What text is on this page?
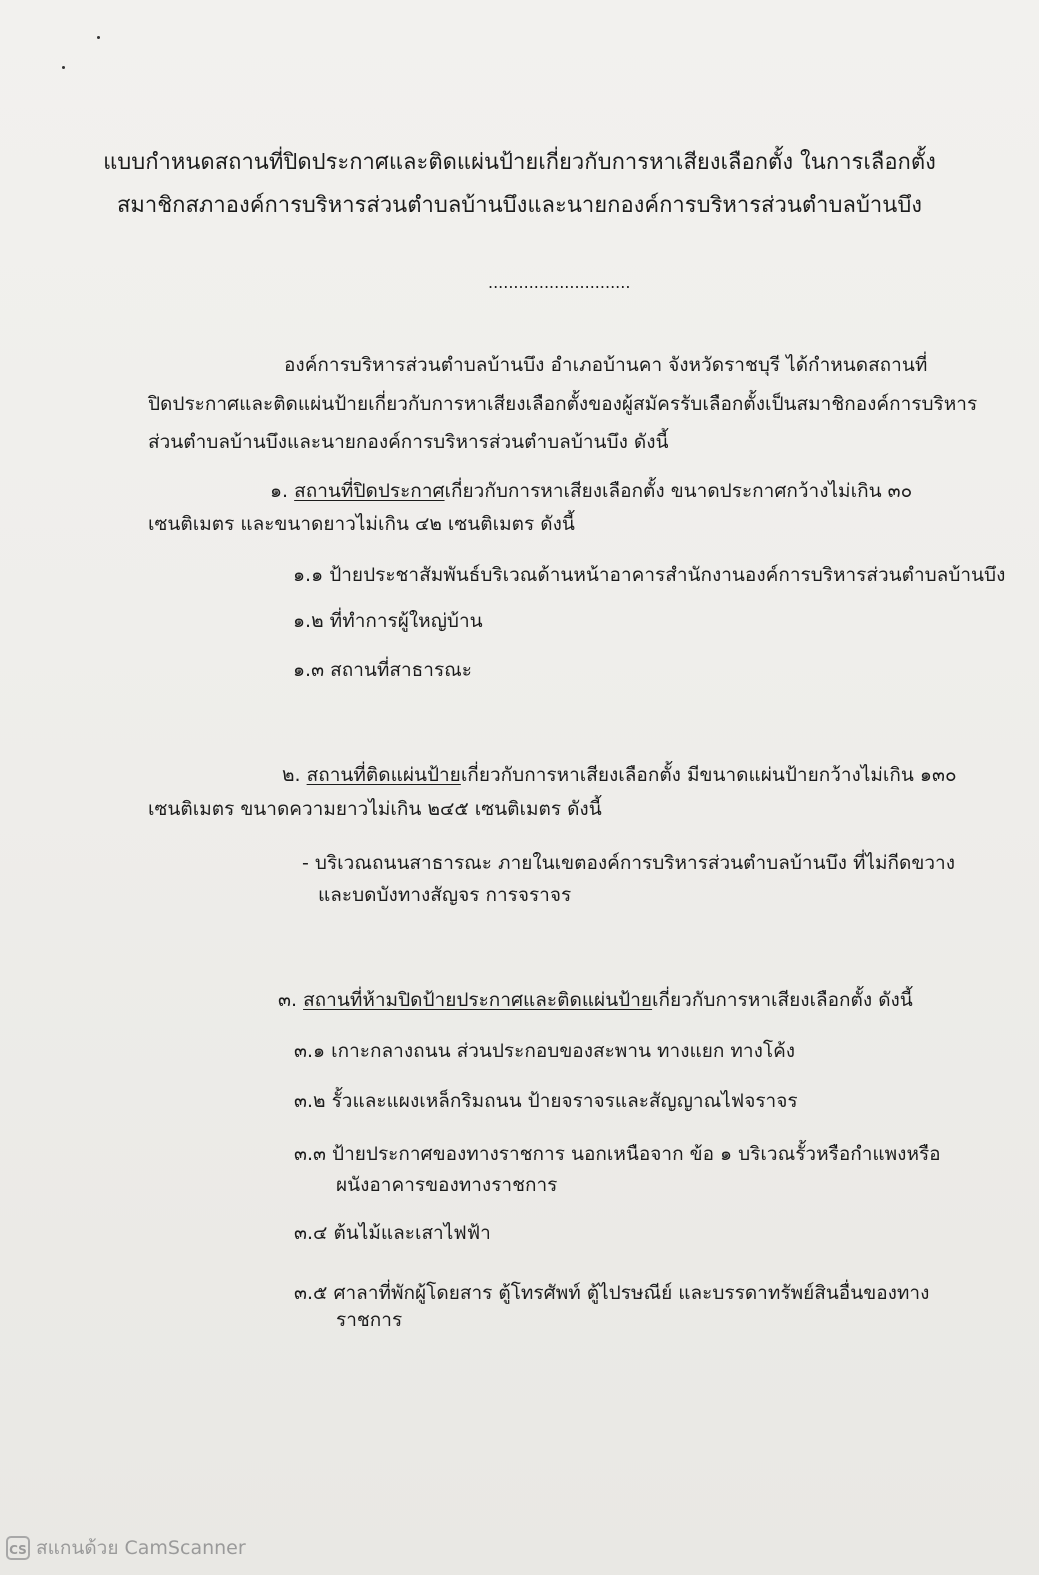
แบบกำหนดสถานที่ปิดประกาศและติดแผ่นป้ายเกี่ยวกับการหาเสียงเลือกตั้ง ในการเลือกตั้ง
สมาชิกสภาองค์การบริหารส่วนตำบลบ้านบึงและนายกองค์การบริหารส่วนตำบลบ้านบึง
............................
องค์การบริหารส่วนตำบลบ้านบึง อำเภอบ้านคา จังหวัดราชบุรี ได้กำหนดสถานที่
ปิดประกาศและติดแผ่นป้ายเกี่ยวกับการหาเสียงเลือกตั้งของผู้สมัครรับเลือกตั้งเป็นสมาชิกองค์การบริหาร
ส่วนตำบลบ้านบึงและนายกองค์การบริหารส่วนตำบลบ้านบึง ดังนี้
๑. สถานที่ปิดประกาศเกี่ยวกับการหาเสียงเลือกตั้ง ขนาดประกาศกว้างไม่เกิน ๓๐
เซนติเมตร และขนาดยาวไม่เกิน ๔๒ เซนติเมตร ดังนี้
๑.๑ ป้ายประชาสัมพันธ์บริเวณด้านหน้าอาคารสำนักงานองค์การบริหารส่วนตำบลบ้านบึง
๑.๒ ที่ทำการผู้ใหญ่บ้าน
๑.๓ สถานที่สาธารณะ
๒. สถานที่ติดแผ่นป้ายเกี่ยวกับการหาเสียงเลือกตั้ง มีขนาดแผ่นป้ายกว้างไม่เกิน ๑๓๐
เซนติเมตร ขนาดความยาวไม่เกิน ๒๔๕ เซนติเมตร ดังนี้
- บริเวณถนนสาธารณะ ภายในเขตองค์การบริหารส่วนตำบลบ้านบึง ที่ไม่กีดขวาง
และบดบังทางสัญจร การจราจร
๓. สถานที่ห้ามปิดป้ายประกาศและติดแผ่นป้ายเกี่ยวกับการหาเสียงเลือกตั้ง ดังนี้
๓.๑ เกาะกลางถนน ส่วนประกอบของสะพาน ทางแยก ทางโค้ง
๓.๒ รั้วและแผงเหล็กริมถนน ป้ายจราจรและสัญญาณไฟจราจร
๓.๓ ป้ายประกาศของทางราชการ นอกเหนือจาก ข้อ ๑ บริเวณรั้วหรือกำแพงหรือ
ผนังอาคารของทางราชการ
๓.๔ ต้นไม้และเสาไฟฟ้า
๓.๕ ศาลาที่พักผู้โดยสาร ตู้โทรศัพท์ ตู้ไปรษณีย์ และบรรดาทรัพย์สินอื่นของทาง
ราชการ
CS สแกนด้วย CamScanner
